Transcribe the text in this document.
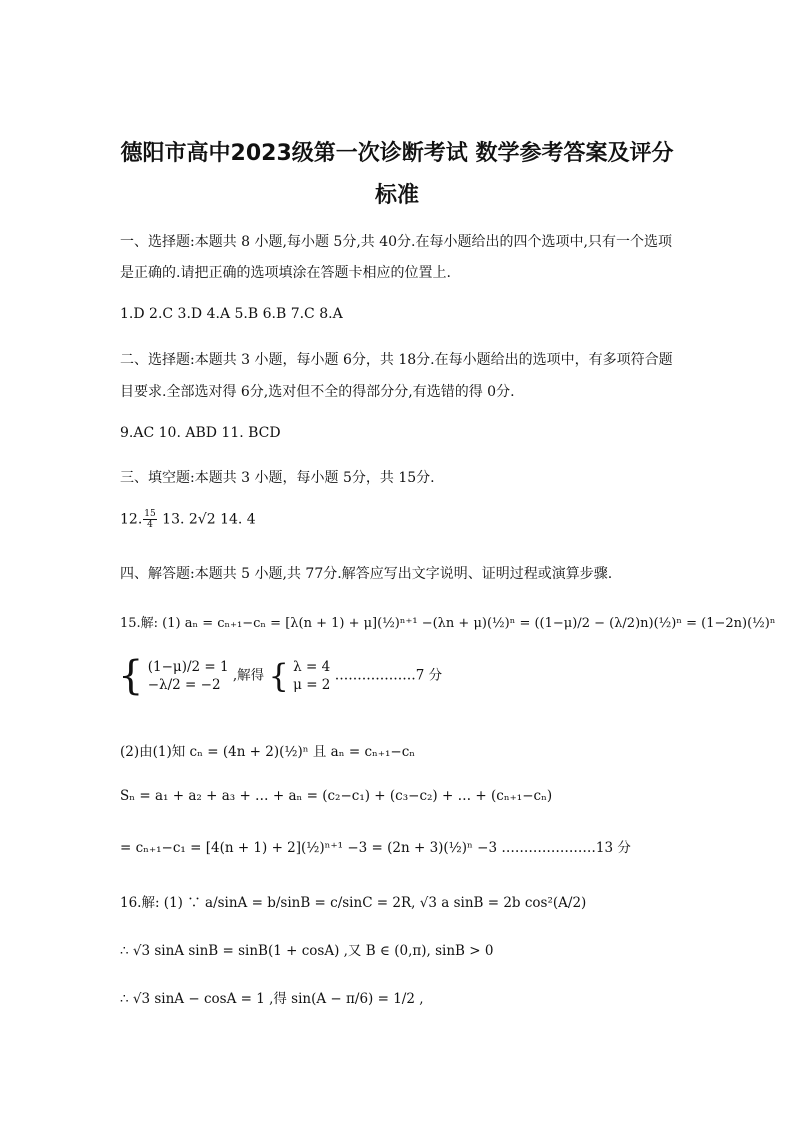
德阳市高中2023级第一次诊断考试 数学参考答案及评分
标准
一、选择题:本题共 8 小题,每小题 5分,共 40分.在每小题给出的四个选项中,只有一个选项
是正确的.请把正确的选项填涂在答题卡相应的位置上.
1.D 2.C 3.D 4.A 5.B 6.B 7.C 8.A
二、选择题:本题共 3 小题，每小题 6分，共 18分.在每小题给出的选项中，有多项符合题
目要求.全部选对得 6分,选对但不全的得部分分,有选错的得 0分.
9.AC 10. ABD 11. BCD
三、填空题:本题共 3 小题，每小题 5分，共 15分.
12. $\frac{15}{4} 13$. 2√2 14. 4
四、解答题:本题共 5 小题,共 77分.解答应写出文字说明、证明过程或演算步骤.
15.解: (1) aₙ = cₙ₊₁−cₙ = [λ(n + 1) + μ](½)ⁿ⁺¹ −(λn + μ)(½)ⁿ = ((1−μ)/2 − (λ/2)n)(½)ⁿ = (1−2n)(½)ⁿ
{ (1−μ)/2 = 1
−λ/2 = −2
,解得 { λ = 4
μ = 2
………………7 分
(2)由(1)知 cₙ = (4n + 2)(½)ⁿ 且 aₙ = cₙ₊₁−cₙ
Sₙ = a₁ + a₂ + a₃ + … + aₙ = (c₂−c₁) + (c₃−c₂) + … + (cₙ₊₁−cₙ)
= cₙ₊₁−c₁ = [4(n + 1) + 2](½)ⁿ⁺¹ −3 = (2n + 3)(½)ⁿ −3 …………………13 分
16.解: (1) ∵ a/sinA = b/sinB = c/sinC = 2R, √3 a sinB = 2b cos²(A/2)
∴ √3 sinA sinB = sinB(1 + cosA) ,又 B ∈ (0,π), sinB > 0
∴ √3 sinA − cosA = 1 ,得 sin(A − π/6) = 1/2 ,
